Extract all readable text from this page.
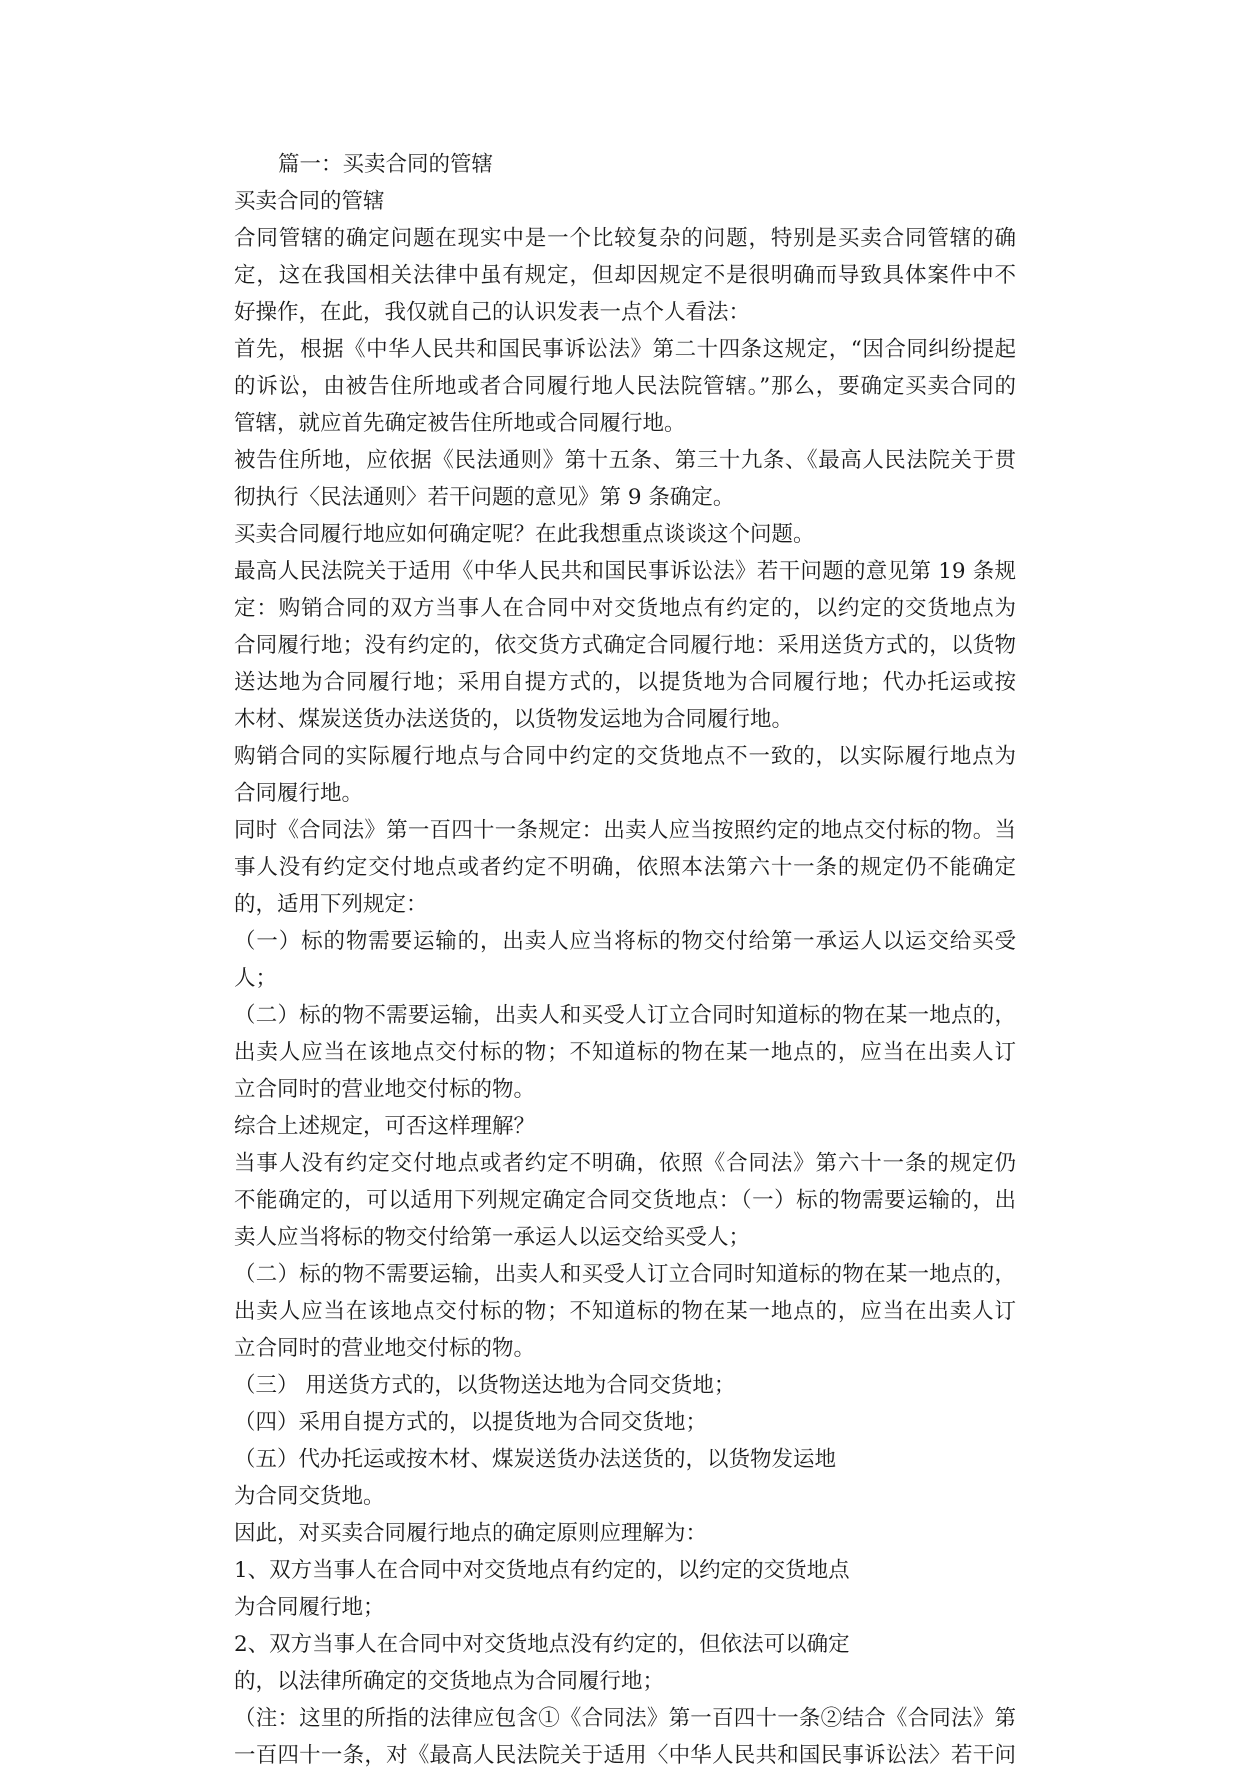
篇一：买卖合同的管辖
买卖合同的管辖
合同管辖的确定问题在现实中是一个比较复杂的问题，特别是买卖合同管辖的确
定，这在我国相关法律中虽有规定，但却因规定不是很明确而导致具体案件中不
好操作，在此，我仅就自己的认识发表一点个人看法：
首先，根据《中华人民共和国民事诉讼法》第二十四条这规定，“因合同纠纷提起
的诉讼，由被告住所地或者合同履行地人民法院管辖。”那么，要确定买卖合同的
管辖，就应首先确定被告住所地或合同履行地。
被告住所地，应依据《民法通则》第十五条、第三十九条、《最高人民法院关于贯
彻执行〈民法通则〉若干问题的意见》第 9 条确定。
买卖合同履行地应如何确定呢？在此我想重点谈谈这个问题。
最高人民法院关于适用《中华人民共和国民事诉讼法》若干问题的意见第 19 条规
定：购销合同的双方当事人在合同中对交货地点有约定的，以约定的交货地点为
合同履行地；没有约定的，依交货方式确定合同履行地：采用送货方式的，以货物
送达地为合同履行地；采用自提方式的，以提货地为合同履行地；代办托运或按
木材、煤炭送货办法送货的，以货物发运地为合同履行地。
购销合同的实际履行地点与合同中约定的交货地点不一致的，以实际履行地点为
合同履行地。
同时《合同法》第一百四十一条规定：出卖人应当按照约定的地点交付标的物。当
事人没有约定交付地点或者约定不明确，依照本法第六十一条的规定仍不能确定
的，适用下列规定：
（一）标的物需要运输的，出卖人应当将标的物交付给第一承运人以运交给买受
人；
（二）标的物不需要运输，出卖人和买受人订立合同时知道标的物在某一地点的，
出卖人应当在该地点交付标的物；不知道标的物在某一地点的，应当在出卖人订
立合同时的营业地交付标的物。
综合上述规定，可否这样理解？
当事人没有约定交付地点或者约定不明确，依照《合同法》第六十一条的规定仍
不能确定的，可以适用下列规定确定合同交货地点：（一）标的物需要运输的，出
卖人应当将标的物交付给第一承运人以运交给买受人；
（二）标的物不需要运输，出卖人和买受人订立合同时知道标的物在某一地点的，
出卖人应当在该地点交付标的物；不知道标的物在某一地点的，应当在出卖人订
立合同时的营业地交付标的物。
（三） 用送货方式的，以货物送达地为合同交货地；
（四）采用自提方式的，以提货地为合同交货地；
（五）代办托运或按木材、煤炭送货办法送货的，以货物发运地
为合同交货地。
因此，对买卖合同履行地点的确定原则应理解为：
1、双方当事人在合同中对交货地点有约定的，以约定的交货地点
为合同履行地；
2、双方当事人在合同中对交货地点没有约定的，但依法可以确定
的，以法律所确定的交货地点为合同履行地；
（注：这里的所指的法律应包含①《合同法》第一百四十一条②结合《合同法》第
一百四十一条，对《最高人民法院关于适用〈中华人民共和国民事诉讼法〉若干问
